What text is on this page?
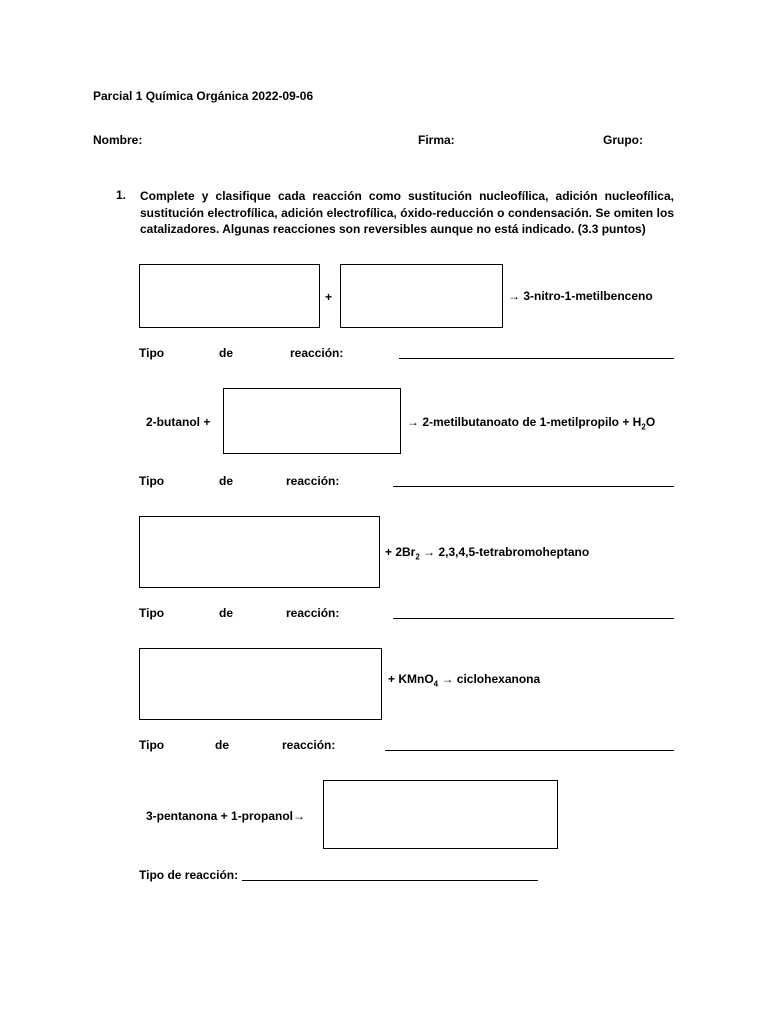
Parcial 1 Química Orgánica 2022-09-06
Nombre:	Firma:	Grupo:
1. Complete y clasifique cada reacción como sustitución nucleofílica, adición nucleofílica, sustitución electrofílica, adición electrofílica, óxido-reducción o condensación. Se omiten los catalizadores. Algunas reacciones son reversibles aunque no está indicado. (3.3 puntos)
+	→ 3-nitro-1-metilbenceno
Tipo	de	reacción:
2-butanol +	→ 2-metilbutanoato de 1-metilpropilo + $H_2O$
Tipo	de	reacción:
+ $2Br_2$ → 2,3,4,5-tetrabromoheptano
Tipo	de	reacción:
+ KMnO$_4$ → ciclohexanona
Tipo	de	reacción:
3-pentanona + 1-propanol→
Tipo de reacción:
